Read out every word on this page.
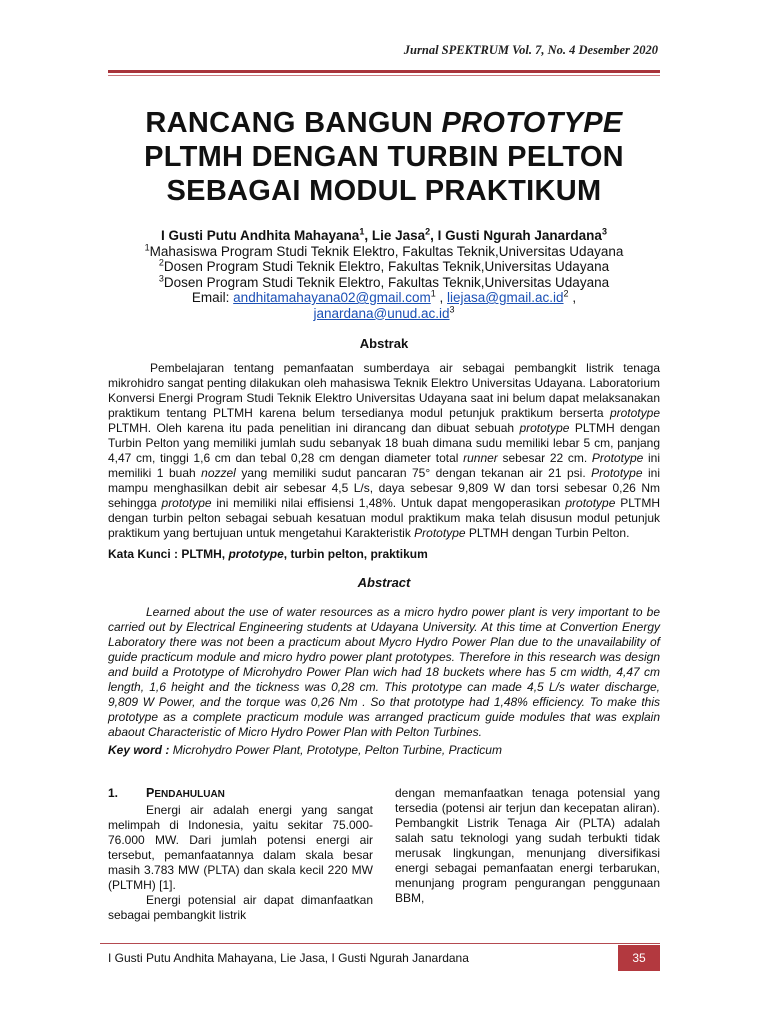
Jurnal SPEKTRUM Vol. 7, No. 4 Desember 2020
RANCANG BANGUN PROTOTYPE
PLTMH DENGAN TURBIN PELTON
SEBAGAI MODUL PRAKTIKUM
I Gusti Putu Andhita Mahayana$^1$, Lie Jasa$^2$, I Gusti Ngurah Janardana$^3$
$^1$Mahasiswa Program Studi Teknik Elektro, Fakultas Teknik,Universitas Udayana
$^2$Dosen Program Studi Teknik Elektro, Fakultas Teknik,Universitas Udayana
$^3$Dosen Program Studi Teknik Elektro, Fakultas Teknik,Universitas Udayana
Email: andhitamahayana02@gmail.com$^1$ , $liejasa@gmail.ac.id^2$ ,
$janardana@unud.ac.id^3$
Abstrak

Pembelajaran tentang pemanfaatan sumberdaya air sebagai pembangkit listrik tenaga mikrohidro sangat penting dilakukan oleh mahasiswa Teknik Elektro Universitas Udayana. Laboratorium Konversi Energi Program Studi Teknik Elektro Universitas Udayana saat ini belum dapat melaksanakan praktikum tentang PLTMH karena belum tersedianya modul petunjuk praktikum berserta prototype PLTMH. Oleh karena itu pada penelitian ini dirancang dan dibuat sebuah prototype PLTMH dengan Turbin Pelton yang memiliki jumlah sudu sebanyak 18 buah dimana sudu memiliki lebar 5 cm, panjang 4,47 cm, tinggi 1,6 cm dan tebal 0,28 cm dengan diameter total runner sebesar 22 cm. Prototype ini memiliki 1 buah nozzel yang memiliki sudut pancaran 75° dengan tekanan air 21 psi. Prototype ini mampu menghasilkan debit air sebesar 4,5 L/s, daya sebesar 9,809 W dan torsi sebesar 0,26 Nm sehingga prototype ini memiliki nilai effisiensi 1,48%. Untuk dapat mengoperasikan prototype PLTMH dengan turbin pelton sebagai sebuah kesatuan modul praktikum maka telah disusun modul petunjuk praktikum yang bertujuan untuk mengetahui Karakteristik Prototype PLTMH dengan Turbin Pelton.

Kata Kunci : PLTMH, prototype, turbin pelton, praktikum
Abstract

Learned about the use of water resources as a micro hydro power plant is very important to be carried out by Electrical Engineering students at Udayana University. At this time at Convertion Energy Laboratory there was not been a practicum about Mycro Hydro Power Plan due to the unavailability of guide practicum module and micro hydro power plant prototypes. Therefore in this research was design and build a Prototype of Microhydro Power Plan wich had 18 buckets where has 5 cm width, 4,47 cm length, 1,6 height and the tickness was 0,28 cm. This prototype can made 4,5 L/s water discharge, 9,809 W Power, and the torque was 0,26 Nm . So that prototype had 1,48% efficiency. To make this prototype as a complete practicum module was arranged practicum guide modules that was explain abaout Characteristic of Micro Hydro Power Plan with Pelton Turbines.

Key word : Microhydro Power Plant, Prototype, Pelton Turbine, Practicum
1. PENDAHULUAN

Energi air adalah energi yang sangat melimpah di Indonesia, yaitu sekitar 75.000-76.000 MW. Dari jumlah potensi energi air tersebut, pemanfaatannya dalam skala besar masih 3.783 MW (PLTA) dan skala kecil 220 MW (PLTMH) [1].

Energi potensial air dapat dimanfaatkan sebagai pembangkit listrik

dengan memanfaatkan tenaga potensial yang tersedia (potensi air terjun dan kecepatan aliran). Pembangkit Listrik Tenaga Air (PLTA) adalah salah satu teknologi yang sudah terbukti tidak merusak lingkungan, menunjang diversifikasi energi sebagai pemanfaatan energi terbarukan, menunjang program pengurangan penggunaan BBM,

I Gusti Putu Andhita Mahayana, Lie Jasa, I Gusti Ngurah Janardana	35
